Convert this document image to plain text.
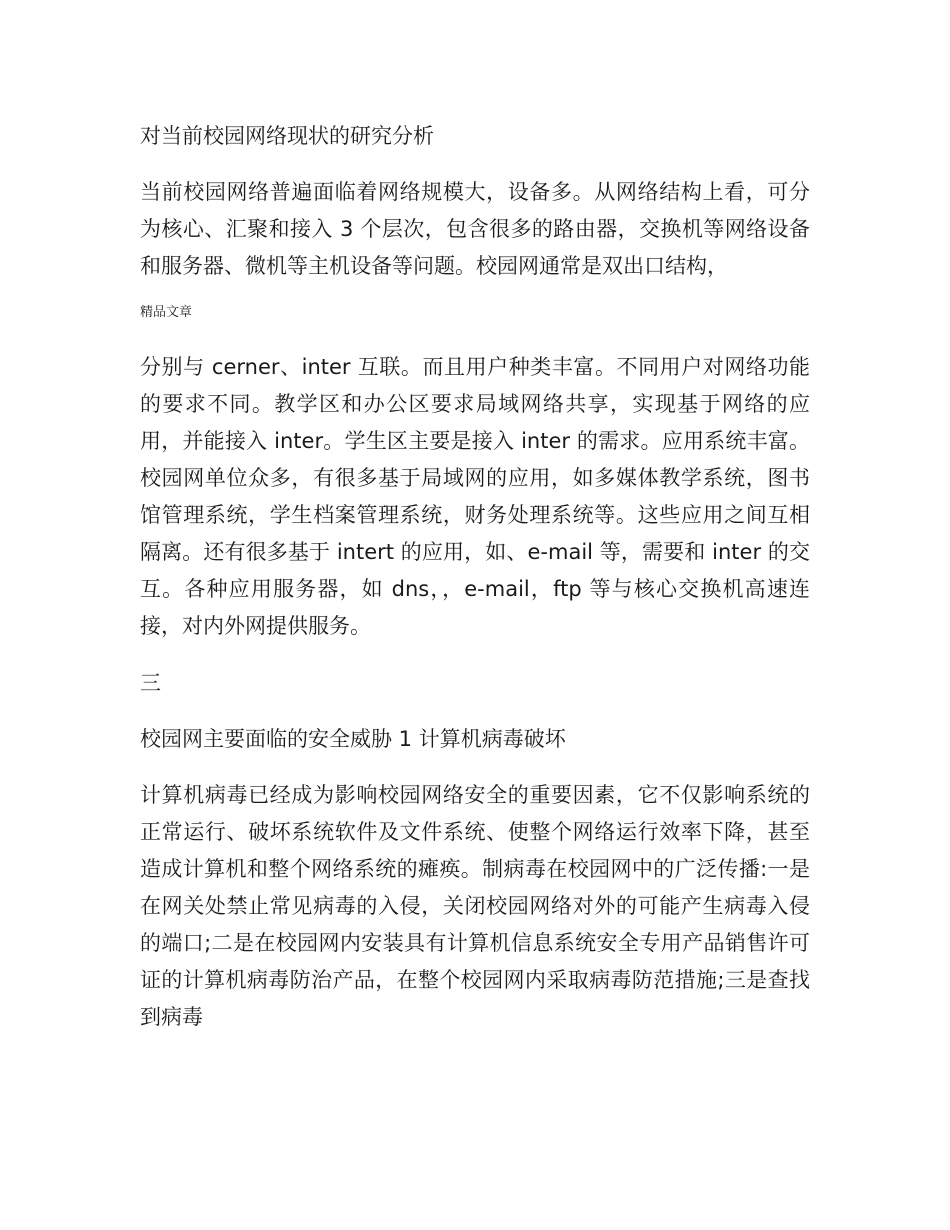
对当前校园网络现状的研究分析

当前校园网络普遍面临着网络规模大，设备多。从网络结构上看，可分为核心、汇聚和接入 3 个层次，包含很多的路由器，交换机等网络设备和服务器、微机等主机设备等问题。校园网通常是双出口结构，

精品文章

分别与 cerner、inter 互联。而且用户种类丰富。不同用户对网络功能的要求不同。教学区和办公区要求局域网络共享，实现基于网络的应用，并能接入 inter。学生区主要是接入 inter 的需求。应用系统丰富。校园网单位众多，有很多基于局域网的应用，如多媒体教学系统，图书馆管理系统，学生档案管理系统，财务处理系统等。这些应用之间互相隔离。还有很多基于 intert 的应用，如、e-mail 等，需要和 inter 的交互。各种应用服务器，如 dns，，e-mail，ftp 等与核心交换机高速连接，对内外网提供服务。

三

校园网主要面临的安全威胁 1 计算机病毒破坏

计算机病毒已经成为影响校园网络安全的重要因素，它不仅影响系统的正常运行、破坏系统软件及文件系统、使整个网络运行效率下降，甚至造成计算机和整个网络系统的瘫痪。制病毒在校园网中的广泛传播:一是在网关处禁止常见病毒的入侵，关闭校园网络对外的可能产生病毒入侵的端口;二是在校园网内安装具有计算机信息系统安全专用产品销售许可证的计算机病毒防治产品，在整个校园网内采取病毒防范措施;三是查找到病毒
